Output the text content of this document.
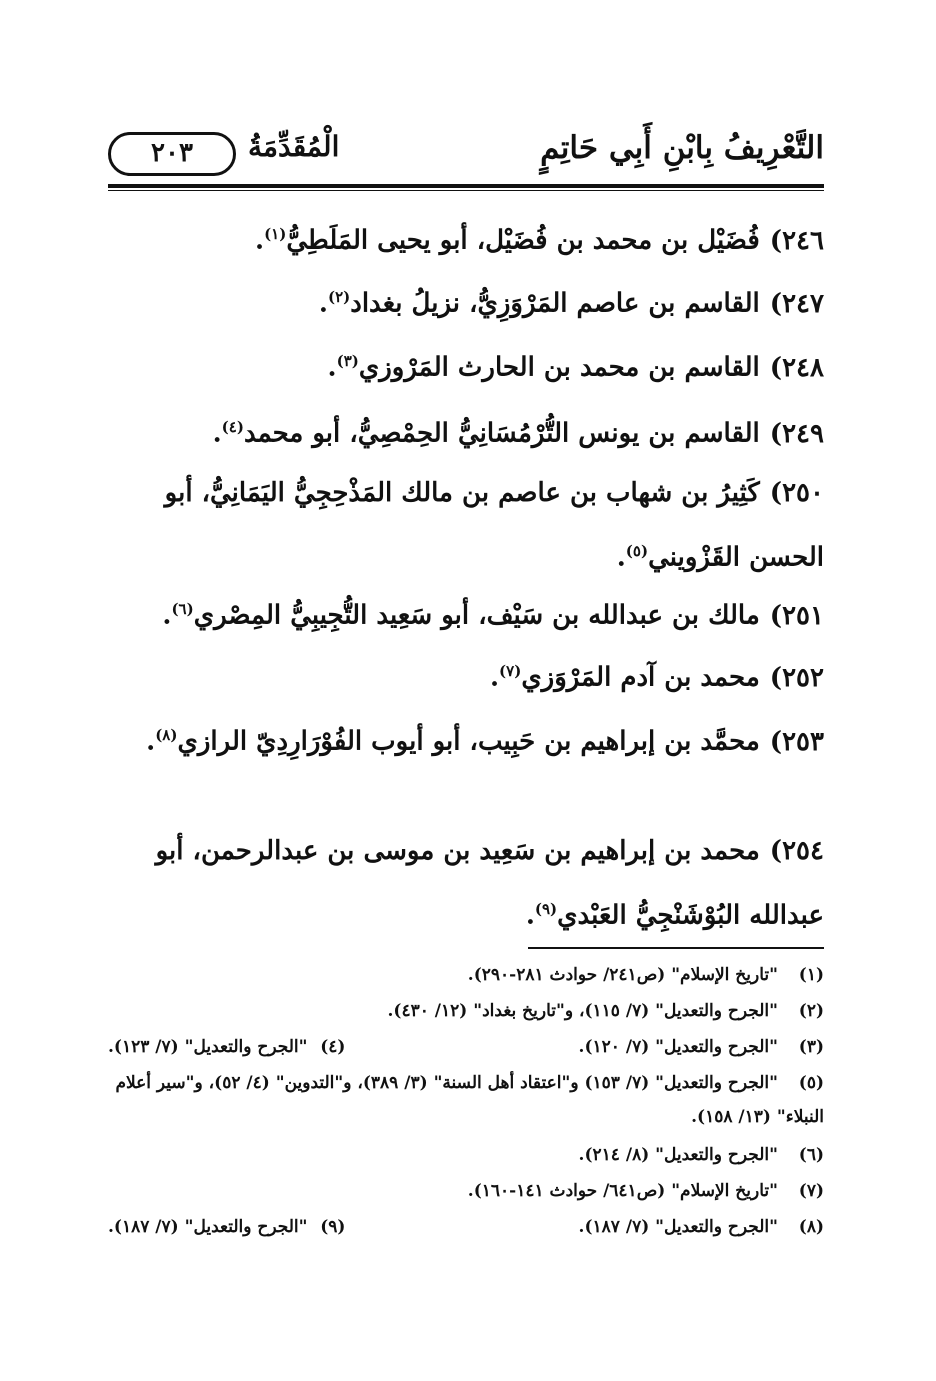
التَّعْرِيفُ بِابْنِ أَبِي حَاتِمٍ
الْمُقَدِّمَةُ
٢٠٣
٢٤٦)فُضَيْل بن محمد بن فُضَيْل، أبو يحيى المَلَطِيُّ$^{(١)}$.
٢٤٧)القاسم بن عاصم المَرْوَزِيُّ، نزيلُ بغداد$^{(٢)}$.
٢٤٨)القاسم بن محمد بن الحارث المَرْوزي$^{(٣)}$.
٢٤٩)القاسم بن يونس التُّرْمُسَانِيُّ الحِمْصِيُّ، أبو محمد$^{(٤)}$.
٢٥٠)كَثِيرُ بن شهاب بن عاصم بن مالك المَذْحِجِيُّ اليَمَانِيُّ، أبو الحسن القَزْويني$^{(٥)}$.
٢٥١)مالك بن عبدالله بن سَيْف، أبو سَعِيد التُّجِيبِيُّ المِصْري$^{(٦)}$.
٢٥٢)محمد بن آدم المَرْوَزي$^{(٧)}$.
٢٥٣)محمَّد بن إبراهيم بن حَبِيب، أبو أيوب الفُوْرَارِدِيّ الرازي$^{(٨)}$.
٢٥٤)محمد بن إبراهيم بن سَعِيد بن موسى بن عبدالرحمن، أبو عبدالله البُوْشَنْجِيُّ العَبْدي$^{(٩)}$.
(١)"تاريخ الإسلام" (ص٢٤١/ حوادث ٢٨١-٢٩٠).
(٢)"الجرح والتعديل" (٧/ ١١٥)، و"تاريخ بغداد" (١٢/ ٤٣٠).
(٣)"الجرح والتعديل" (٧/ ١٢٠).
(٤)"الجرح والتعديل" (٧/ ١٢٣).
(٥)"الجرح والتعديل" (٧/ ١٥٣) و"اعتقاد أهل السنة" (٣/ ٣٨٩)، و"التدوين" (٤/ ٥٢)، و"سير أعلام النبلاء" (١٣/ ١٥٨).
(٦)"الجرح والتعديل" (٨/ ٢١٤).
(٧)"تاريخ الإسلام" (ص٦٤١/ حوادث ١٤١-١٦٠).
(٨)"الجرح والتعديل" (٧/ ١٨٧).
(٩)"الجرح والتعديل" (٧/ ١٨٧).
